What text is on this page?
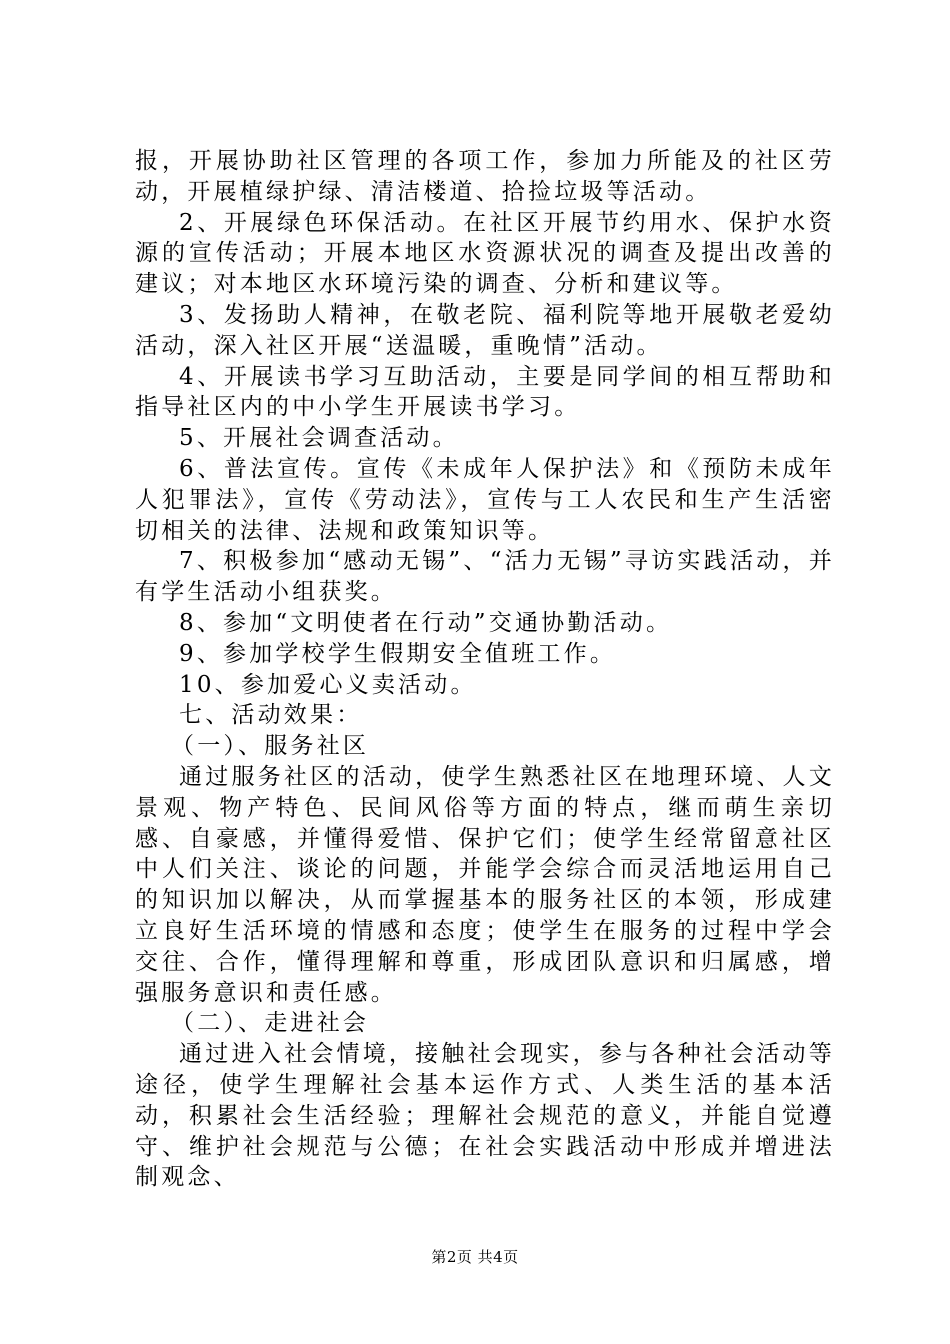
报，开展协助社区管理的各项工作，参加力所能及的社区劳动，开展植绿护绿、清洁楼道、拾捡垃圾等活动。

2、开展绿色环保活动。在社区开展节约用水、保护水资源的宣传活动；开展本地区水资源状况的调查及提出改善的建议；对本地区水环境污染的调查、分析和建议等。

3、发扬助人精神，在敬老院、福利院等地开展敬老爱幼活动，深入社区开展“送温暖，重晚情”活动。

4、开展读书学习互助活动，主要是同学间的相互帮助和指导社区内的中小学生开展读书学习。

5、开展社会调查活动。

6、普法宣传。宣传《未成年人保护法》和《预防未成年人犯罪法》，宣传《劳动法》，宣传与工人农民和生产生活密切相关的法律、法规和政策知识等。

7、积极参加“感动无锡”、“活力无锡”寻访实践活动，并有学生活动小组获奖。

8、参加“文明使者在行动”交通协勤活动。

9、参加学校学生假期安全值班工作。

10、参加爱心义卖活动。

七、活动效果：

（一）、服务社区

通过服务社区的活动，使学生熟悉社区在地理环境、人文景观、物产特色、民间风俗等方面的特点，继而萌生亲切感、自豪感，并懂得爱惜、保护它们；使学生经常留意社区中人们关注、谈论的问题，并能学会综合而灵活地运用自己的知识加以解决，从而掌握基本的服务社区的本领，形成建立良好生活环境的情感和态度；使学生在服务的过程中学会交往、合作，懂得理解和尊重，形成团队意识和归属感，增强服务意识和责任感。

（二）、走进社会

通过进入社会情境，接触社会现实，参与各种社会活动等途径，使学生理解社会基本运作方式、人类生活的基本活动，积累社会生活经验；理解社会规范的意义，并能自觉遵守、维护社会规范与公德；在社会实践活动中形成并增进法制观念、

第2页 共4页
